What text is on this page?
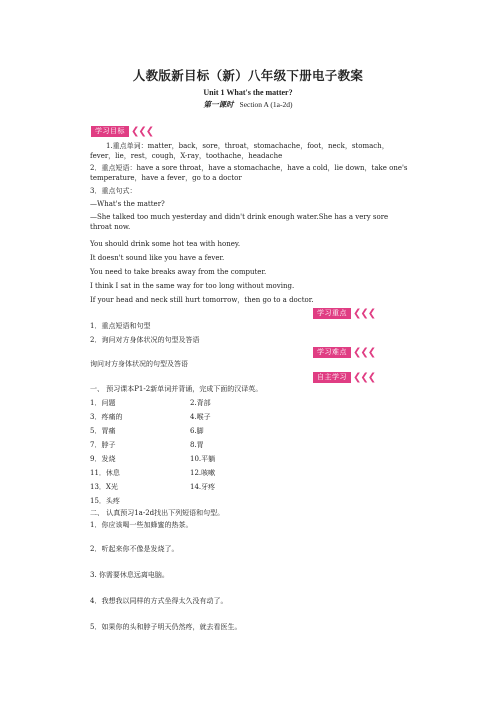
人教版新目标（新）八年级下册电子教案
Unit 1 What's the matter?
第一课时 Section A (1a-2d)
学习目标 ❮❮❮
1.重点单词：matter，back，sore，throat，stomachache，foot，neck，stomach，fever，lie，rest，cough，X-ray，toothache，headache
2．重点短语：have a sore throat，have a stomachache，have a cold，lie down，take one's temperature，have a fever，go to a doctor
3．重点句式：
—What's the matter?
—She talked too much yesterday and didn't drink enough water.She has a very sore throat now.
You should drink some hot tea with honey.
It doesn't sound like you have a fever.
You need to take breaks away from the computer.
I think I sat in the same way for too long without moving.
If your head and neck still hurt tomorrow，then go to a doctor.
学习重点 ❮❮❮
1．重点短语和句型
2．询问对方身体状况的句型及答语
学习难点 ❮❮❮
询问对方身体状况的句型及答语
自主学习 ❮❮❮
一、 预习课本P1-2新单词并背诵，完成下面的汉译英。
1．问题	2.背部
3．疼痛的	4.喉子
5．胃痛	6.脚
7．脖子	8.胃
9．发烧	10.平躺
11．休息	12.咳嗽
13．X光	14.牙疼
15．头疼
二、 认真预习1a-2d找出下列短语和句型。
1．你应该喝一些加蜂蜜的热茶。
2．听起来你不像是发烧了。
3. 你需要休息远离电脑。
4．我想我以同样的方式坐得太久没有动了。
5．如果你的头和脖子明天仍然疼，就去看医生。
